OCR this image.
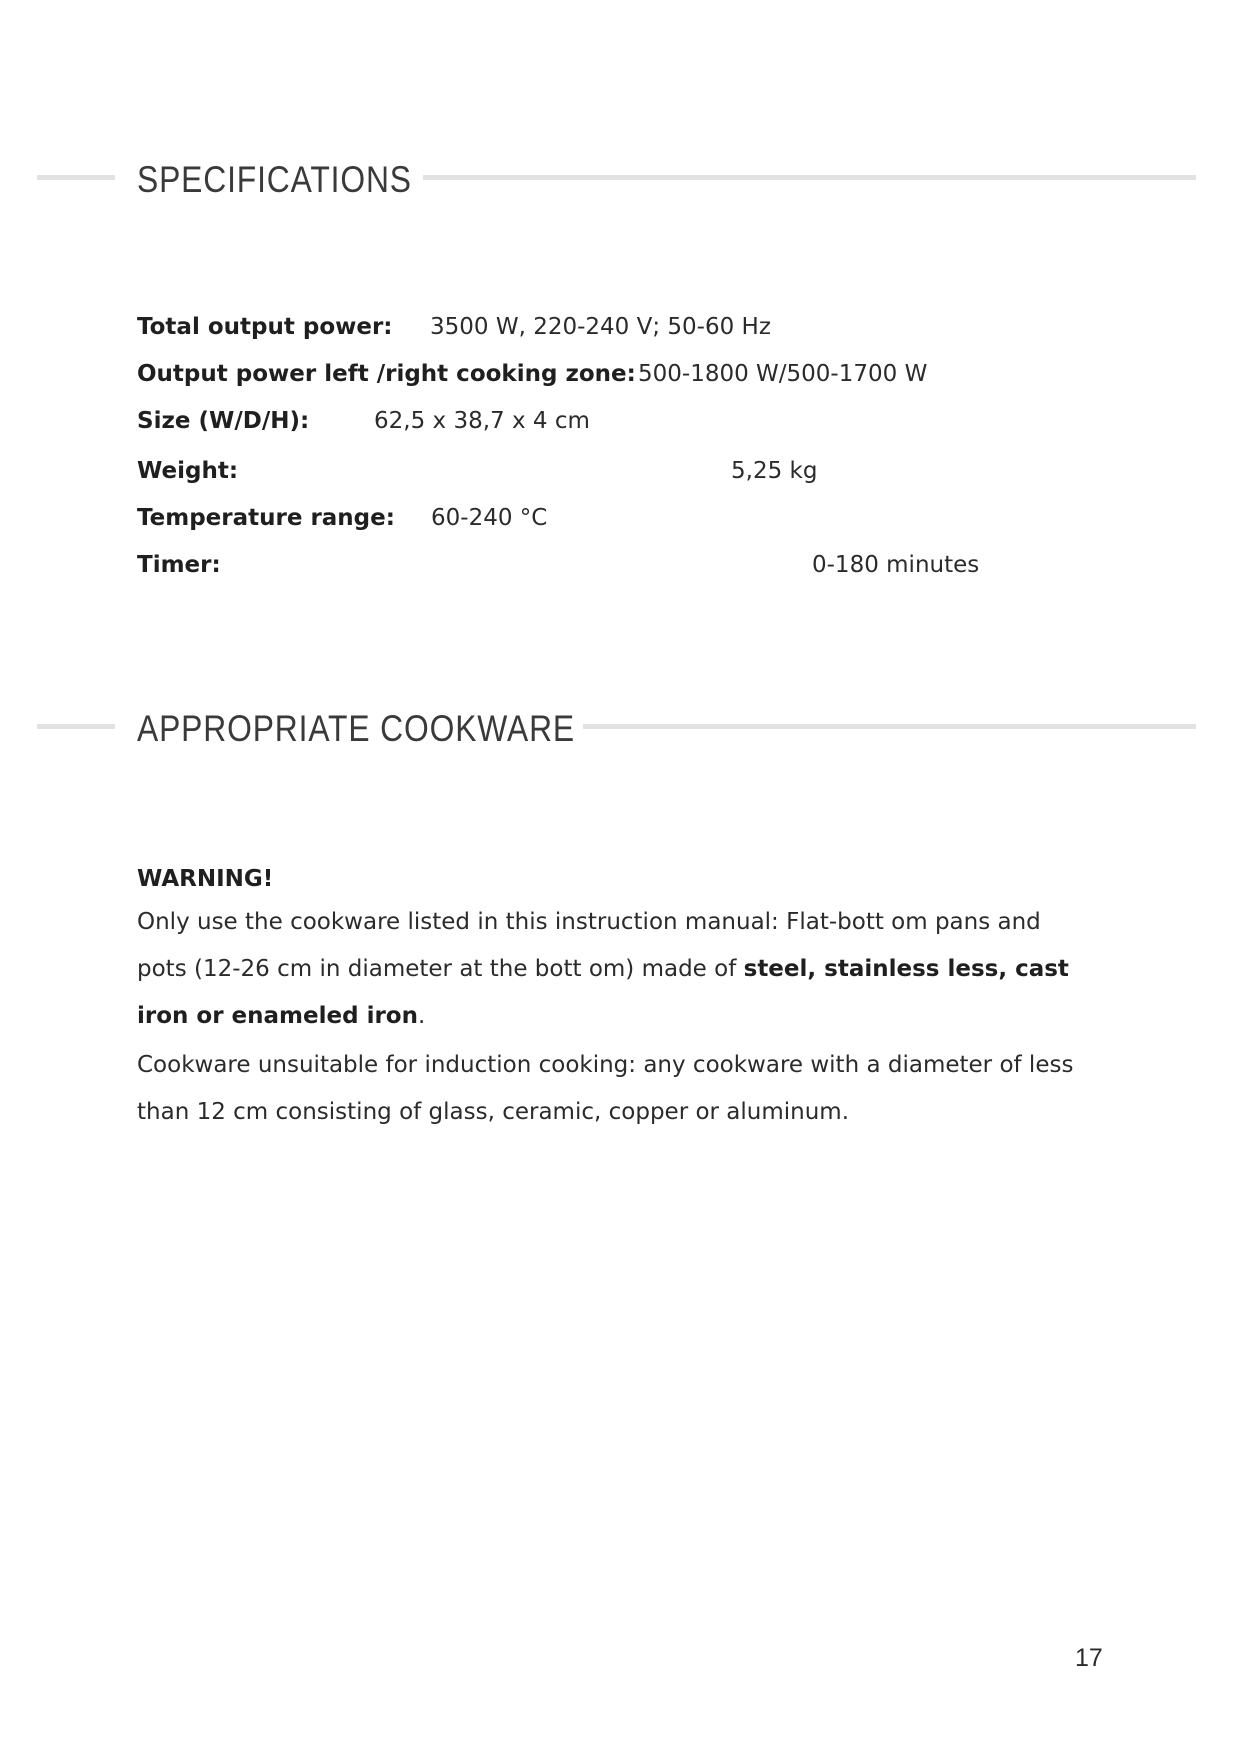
SPECIFICATIONS
Total output power: 3500 W, 220-240 V; 50-60 Hz
Output power left /right cooking zone: 500-1800 W/500-1700 W
Size (W/D/H):	62,5 x 38,7 x 4 cm
Weight:	5,25 kg
Temperature range: 60-240 °C
Timer:	0-180 minutes
APPROPRIATE COOKWARE
WARNING!

Only use the cookware listed in this instruction manual: Flat-bott om pans and pots (12-26 cm in diameter at the bott om) made of steel, stainless less, cast iron or enameled iron.

Cookware unsuitable for induction cooking: any cookware with a diameter of less than 12 cm consisting of glass, ceramic, copper or aluminum.

17
